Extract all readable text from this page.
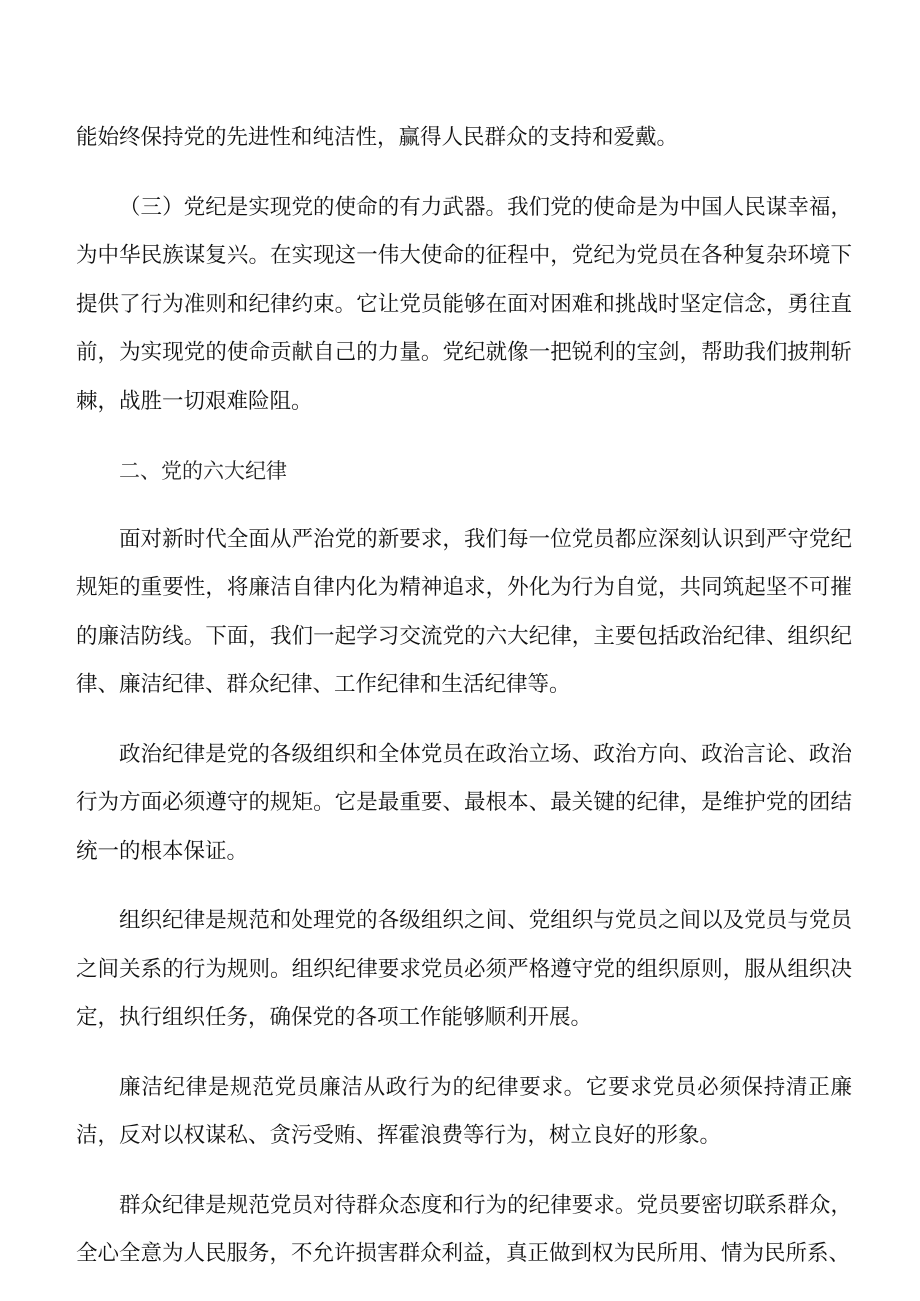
能始终保持党的先进性和纯洁性，赢得人民群众的支持和爱戴。

（三）党纪是实现党的使命的有力武器。我们党的使命是为中国人民谋幸福，为中华民族谋复兴。在实现这一伟大使命的征程中，党纪为党员在各种复杂环境下提供了行为准则和纪律约束。它让党员能够在面对困难和挑战时坚定信念，勇往直前，为实现党的使命贡献自己的力量。党纪就像一把锐利的宝剑，帮助我们披荆斩棘，战胜一切艰难险阻。

二、党的六大纪律

面对新时代全面从严治党的新要求，我们每一位党员都应深刻认识到严守党纪规矩的重要性，将廉洁自律内化为精神追求，外化为行为自觉，共同筑起坚不可摧的廉洁防线。下面，我们一起学习交流党的六大纪律，主要包括政治纪律、组织纪律、廉洁纪律、群众纪律、工作纪律和生活纪律等。

政治纪律是党的各级组织和全体党员在政治立场、政治方向、政治言论、政治行为方面必须遵守的规矩。它是最重要、最根本、最关键的纪律，是维护党的团结统一的根本保证。

组织纪律是规范和处理党的各级组织之间、党组织与党员之间以及党员与党员之间关系的行为规则。组织纪律要求党员必须严格遵守党的组织原则，服从组织决定，执行组织任务，确保党的各项工作能够顺利开展。

廉洁纪律是规范党员廉洁从政行为的纪律要求。它要求党员必须保持清正廉洁，反对以权谋私、贪污受贿、挥霍浪费等行为，树立良好的形象。

群众纪律是规范党员对待群众态度和行为的纪律要求。党员要密切联系群众，全心全意为人民服务，不允许损害群众利益，真正做到权为民所用、情为民所系、
